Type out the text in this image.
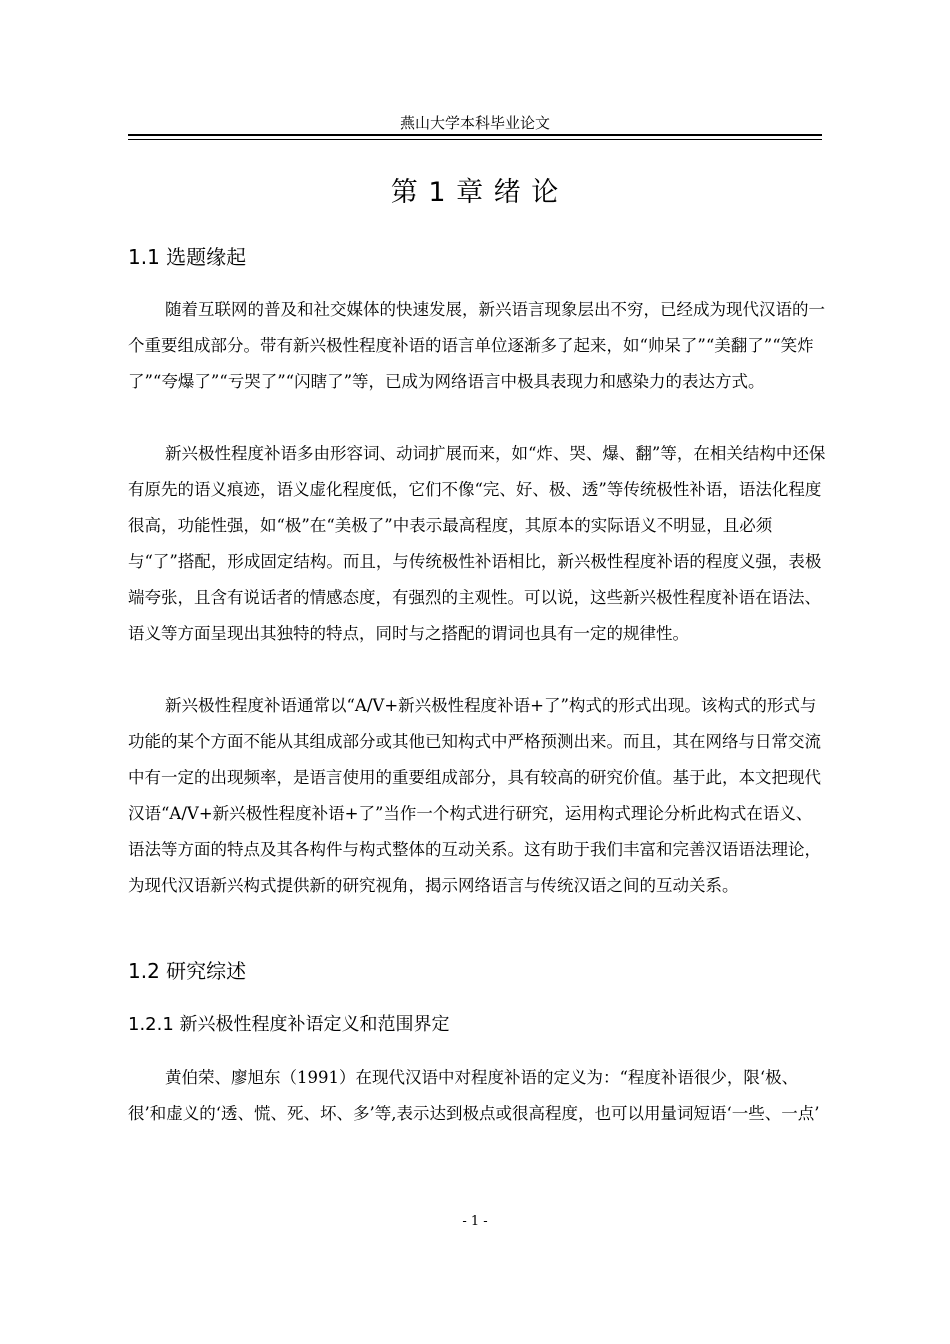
燕山大学本科毕业论文
第 1 章 绪 论
1.1 选题缘起

随着互联网的普及和社交媒体的快速发展，新兴语言现象层出不穷，已经成为现代汉语的一个重要组成部分。带有新兴极性程度补语的语言单位逐渐多了起来，如“帅呆了”“美翻了”“笑炸了”“夸爆了”“亏哭了”“闪瞎了”等，已成为网络语言中极具表现力和感染力的表达方式。

新兴极性程度补语多由形容词、动词扩展而来，如“炸、哭、爆、翻”等，在相关结构中还保有原先的语义痕迹，语义虚化程度低，它们不像“完、好、极、透”等传统极性补语，语法化程度很高，功能性强，如“极”在“美极了”中表示最高程度，其原本的实际语义不明显，且必须与“了”搭配，形成固定结构。而且，与传统极性补语相比，新兴极性程度补语的程度义强，表极端夸张，且含有说话者的情感态度，有强烈的主观性。可以说，这些新兴极性程度补语在语法、语义等方面呈现出其独特的特点，同时与之搭配的谓词也具有一定的规律性。

新兴极性程度补语通常以“A/V+新兴极性程度补语+了”构式的形式出现。该构式的形式与功能的某个方面不能从其组成部分或其他已知构式中严格预测出来。而且，其在网络与日常交流中有一定的出现频率，是语言使用的重要组成部分，具有较高的研究价值。基于此，本文把现代汉语“A/V+新兴极性程度补语+了”当作一个构式进行研究，运用构式理论分析此构式在语义、语法等方面的特点及其各构件与构式整体的互动关系。这有助于我们丰富和完善汉语语法理论，为现代汉语新兴构式提供新的研究视角，揭示网络语言与传统汉语之间的互动关系。

1.2 研究综述
1.2.1 新兴极性程度补语定义和范围界定

黄伯荣、廖旭东（1991）在现代汉语中对程度补语的定义为：“程度补语很少，限‘极、很’和虚义的‘透、慌、死、坏、多’等,表示达到极点或很高程度，也可以用量词短语‘一些、一点’

- 1 -
